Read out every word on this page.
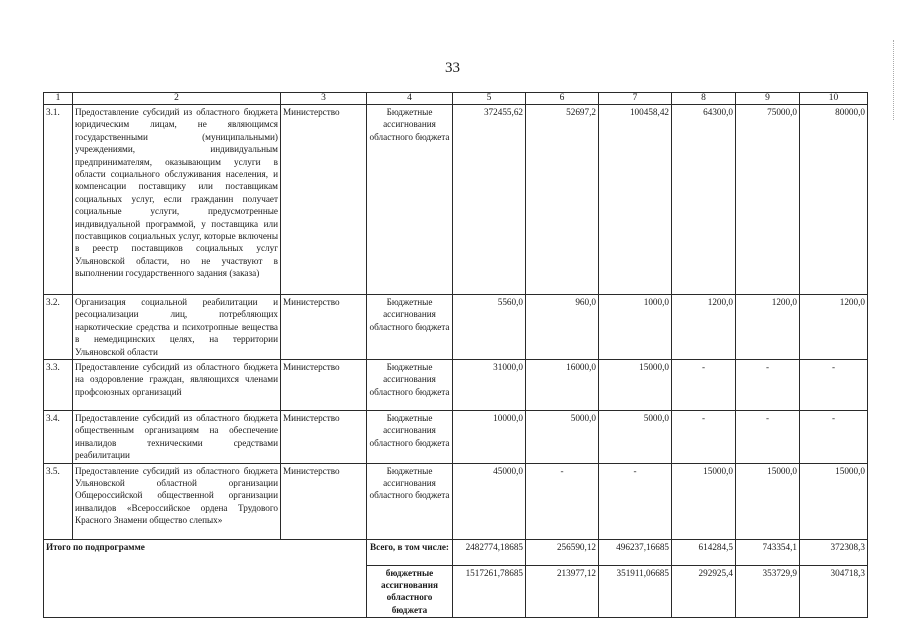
33
1	2	3	4	5	6	7	8	9	10
3.1.	Предоставление субсидий из областного бюджета юридическим лицам, не являющимся государственными (муниципальными) учреждениями, индивидуальным предпринимателям, оказывающим услуги в области социального обслуживания населения, и компенсации поставщику или поставщикам социальных услуг, если гражданин получает социальные услуги, предусмотренные индивидуальной программой, у поставщика или поставщиков социальных услуг, которые включены в реестр поставщиков социальных услуг Ульяновской области, но не участвуют в выполнении государственного задания (заказа)	Министерство	Бюджетные ассигнования областного бюджета	372455,62	52697,2	100458,42	64300,0	75000,0	80000,0
3.2.	Организация социальной реабилитации и ресоциализации лиц, потребляющих наркотические средства и психотропные вещества в немедицинских целях, на территории Ульяновской области	Министерство	Бюджетные ассигнования областного бюджета	5560,0	960,0	1000,0	1200,0	1200,0	1200,0
3.3.	Предоставление субсидий из областного бюджета на оздоровление граждан, являющихся членами профсоюзных организаций	Министерство	Бюджетные ассигнования областного бюджета	31000,0	16000,0	15000,0	-	-	-
3.4.	Предоставление субсидий из областного бюджета общественным организациям на обеспечение инвалидов техническими средствами реабилитации	Министерство	Бюджетные ассигнования областного бюджета	10000,0	5000,0	5000,0	-	-	-
3.5.	Предоставление субсидий из областного бюджета Ульяновской областной организации Общероссийской общественной организации инвалидов «Всероссийское ордена Трудового Красного Знамени общество слепых»	Министерство	Бюджетные ассигнования областного бюджета	45000,0	-	-	15000,0	15000,0	15000,0
Итого по подпрограмме			Всего, в том числе:	2482774,18685	256590,12	496237,16685	614284,5	743354,1	372308,3
			бюджетные ассигнования областного бюджета	1517261,78685	213977,12	351911,06685	292925,4	353729,9	304718,3
